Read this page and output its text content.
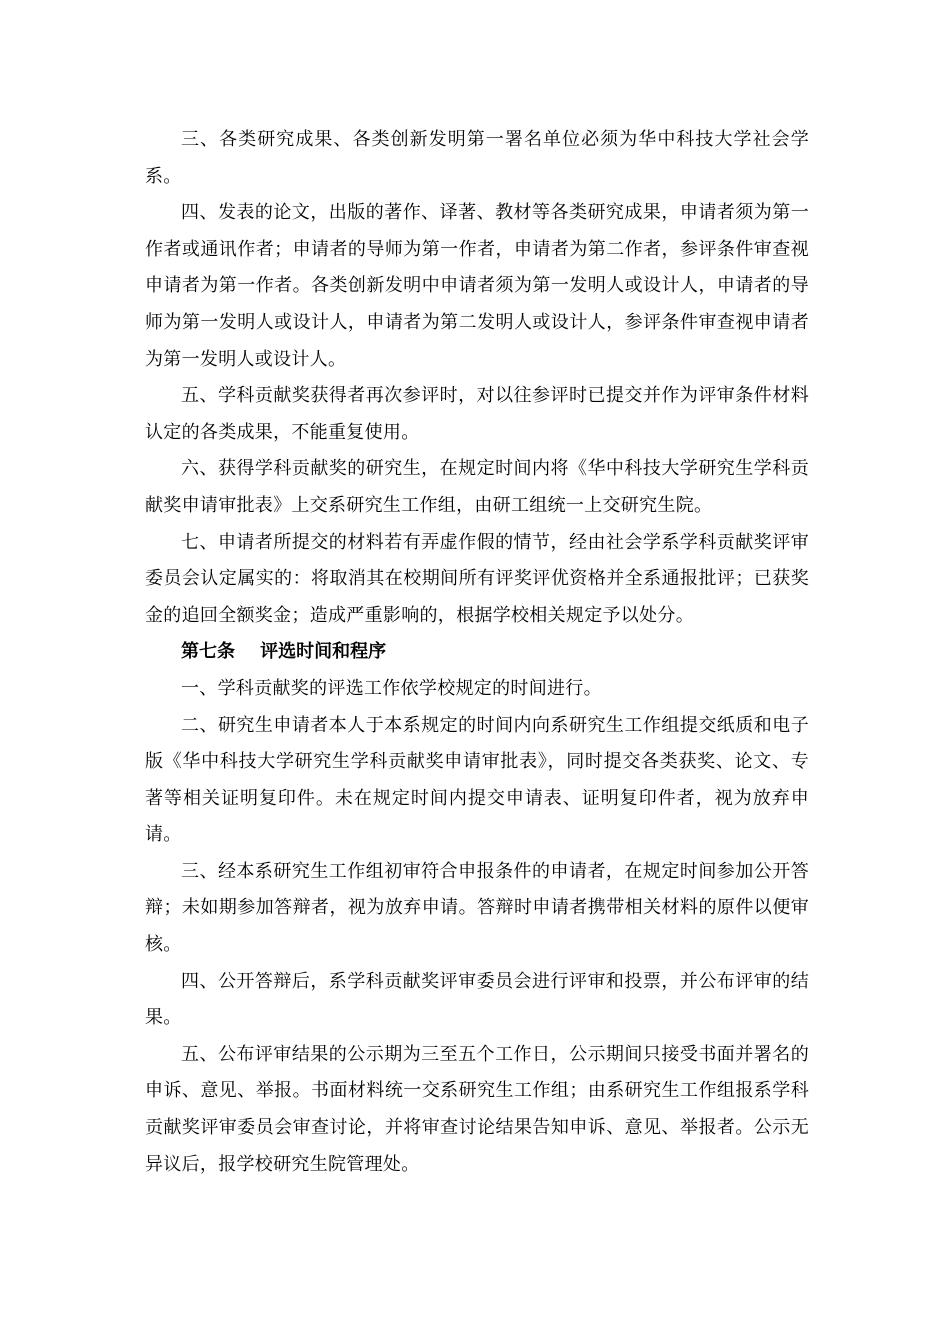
三、各类研究成果、各类创新发明第一署名单位必须为华中科技大学社会学系。

四、发表的论文，出版的著作、译著、教材等各类研究成果，申请者须为第一作者或通讯作者；申请者的导师为第一作者，申请者为第二作者，参评条件审查视申请者为第一作者。各类创新发明中申请者须为第一发明人或设计人，申请者的导师为第一发明人或设计人，申请者为第二发明人或设计人，参评条件审查视申请者为第一发明人或设计人。

五、学科贡献奖获得者再次参评时，对以往参评时已提交并作为评审条件材料认定的各类成果，不能重复使用。

六、获得学科贡献奖的研究生，在规定时间内将《华中科技大学研究生学科贡献奖申请审批表》上交系研究生工作组，由研工组统一上交研究生院。

七、申请者所提交的材料若有弄虚作假的情节，经由社会学系学科贡献奖评审委员会认定属实的：将取消其在校期间所有评奖评优资格并全系通报批评；已获奖金的追回全额奖金；造成严重影响的，根据学校相关规定予以处分。

第七条    评选时间和程序

一、学科贡献奖的评选工作依学校规定的时间进行。

二、研究生申请者本人于本系规定的时间内向系研究生工作组提交纸质和电子版《华中科技大学研究生学科贡献奖申请审批表》，同时提交各类获奖、论文、专著等相关证明复印件。未在规定时间内提交申请表、证明复印件者，视为放弃申请。

三、经本系研究生工作组初审符合申报条件的申请者，在规定时间参加公开答辩；未如期参加答辩者，视为放弃申请。答辩时申请者携带相关材料的原件以便审核。

四、公开答辩后，系学科贡献奖评审委员会进行评审和投票，并公布评审的结果。

五、公布评审结果的公示期为三至五个工作日，公示期间只接受书面并署名的申诉、意见、举报。书面材料统一交系研究生工作组；由系研究生工作组报系学科贡献奖评审委员会审查讨论，并将审查讨论结果告知申诉、意见、举报者。公示无异议后，报学校研究生院管理处。
